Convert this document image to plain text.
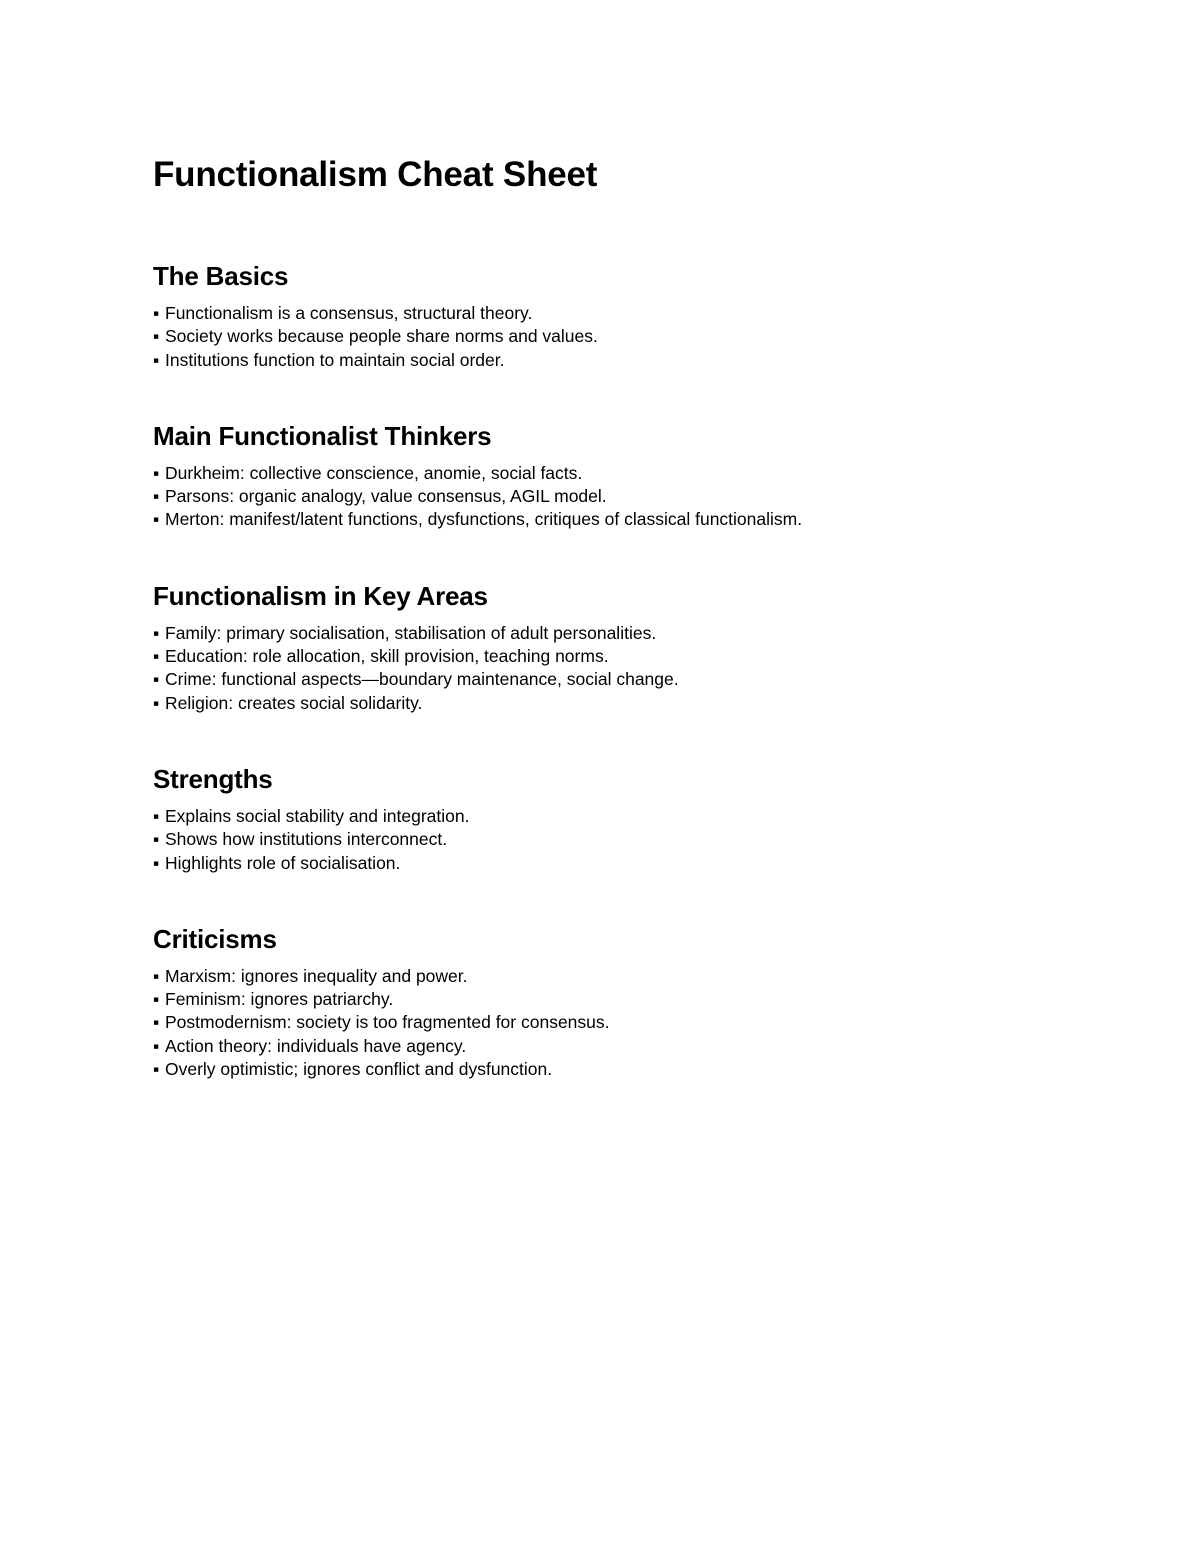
Functionalism Cheat Sheet
The Basics
▪ Functionalism is a consensus, structural theory.
▪ Society works because people share norms and values.
▪ Institutions function to maintain social order.
Main Functionalist Thinkers
▪ Durkheim: collective conscience, anomie, social facts.
▪ Parsons: organic analogy, value consensus, AGIL model.
▪ Merton: manifest/latent functions, dysfunctions, critiques of classical functionalism.
Functionalism in Key Areas
▪ Family: primary socialisation, stabilisation of adult personalities.
▪ Education: role allocation, skill provision, teaching norms.
▪ Crime: functional aspects—boundary maintenance, social change.
▪ Religion: creates social solidarity.
Strengths
▪ Explains social stability and integration.
▪ Shows how institutions interconnect.
▪ Highlights role of socialisation.
Criticisms
▪ Marxism: ignores inequality and power.
▪ Feminism: ignores patriarchy.
▪ Postmodernism: society is too fragmented for consensus.
▪ Action theory: individuals have agency.
▪ Overly optimistic; ignores conflict and dysfunction.
